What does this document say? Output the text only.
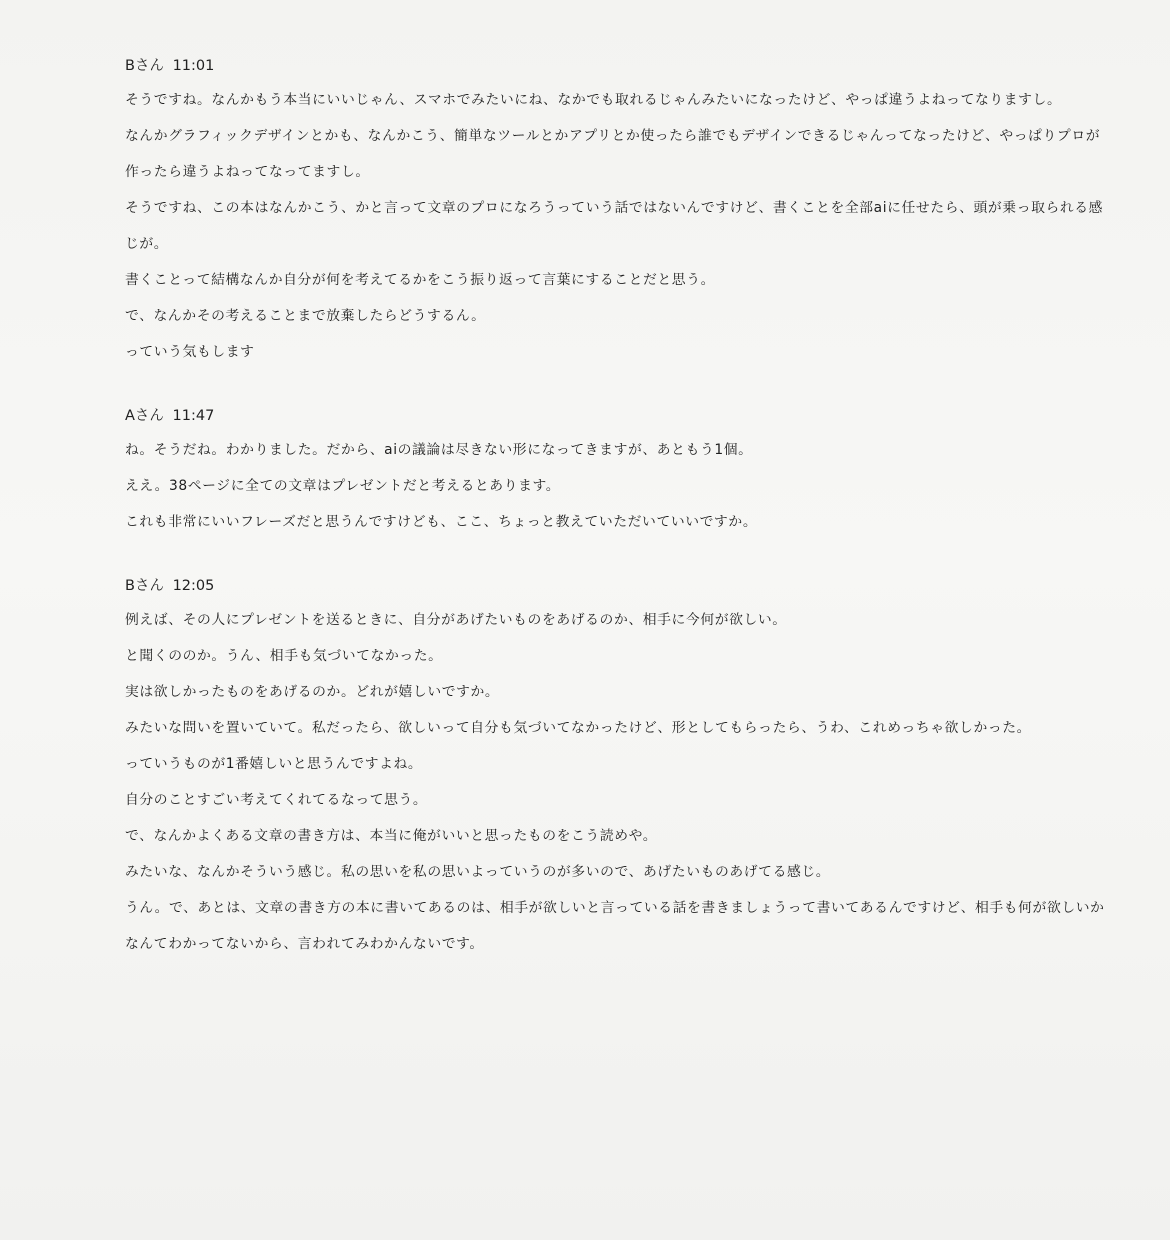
Bさん 11:01
そうですね。なんかもう本当にいいじゃん、スマホでみたいにね、なかでも取れるじゃんみたいになったけど、やっぱ違うよねってなりますし。
なんかグラフィックデザインとかも、なんかこう、簡単なツールとかアプリとか使ったら誰でもデザインできるじゃんってなったけど、やっぱりプロが作ったら違うよねってなってますし。
そうですね、この本はなんかこう、かと言って文章のプロになろうっていう話ではないんですけど、書くことを全部aiに任せたら、頭が乗っ取られる感じが。
書くことって結構なんか自分が何を考えてるかをこう振り返って言葉にすることだと思う。
で、なんかその考えることまで放棄したらどうするん。
っていう気もします
Aさん 11:47
ね。そうだね。わかりました。だから、aiの議論は尽きない形になってきますが、あともう1個。
ええ。38ページに全ての文章はプレゼントだと考えるとあります。
これも非常にいいフレーズだと思うんですけども、ここ、ちょっと教えていただいていいですか。
Bさん 12:05
例えば、その人にプレゼントを送るときに、自分があげたいものをあげるのか、相手に今何が欲しい。
と聞くののか。うん、相手も気づいてなかった。
実は欲しかったものをあげるのか。どれが嬉しいですか。
みたいな問いを置いていて。私だったら、欲しいって自分も気づいてなかったけど、形としてもらったら、うわ、これめっちゃ欲しかった。
っていうものが1番嬉しいと思うんですよね。
自分のことすごい考えてくれてるなって思う。
で、なんかよくある文章の書き方は、本当に俺がいいと思ったものをこう読めや。
みたいな、なんかそういう感じ。私の思いを私の思いよっていうのが多いので、あげたいものあげてる感じ。
うん。で、あとは、文章の書き方の本に書いてあるのは、相手が欲しいと言っている話を書きましょうって書いてあるんですけど、相手も何が欲しいかなんてわかってないから、言われてみわかんないです。
